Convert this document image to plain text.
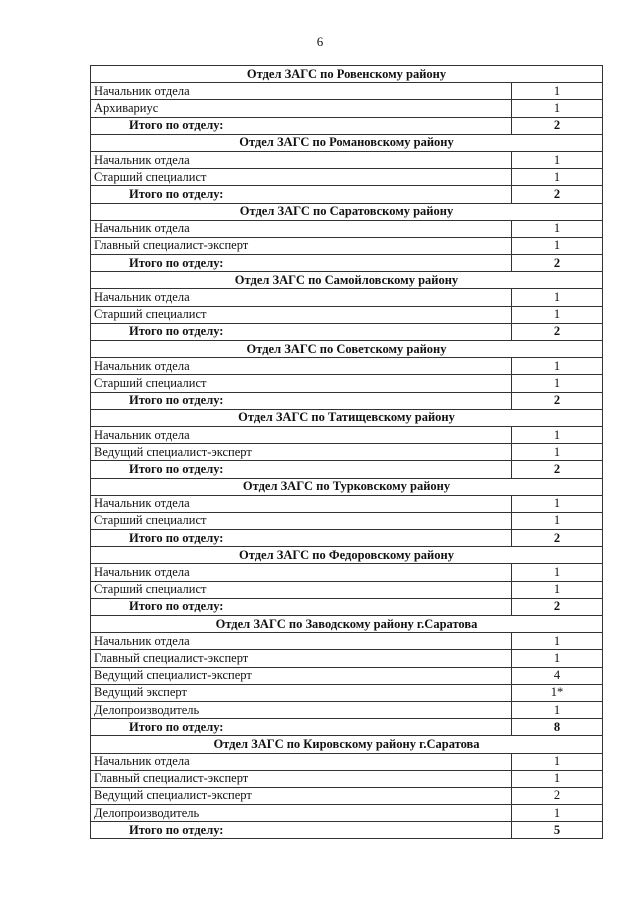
6
Отдел ЗАГС по Ровенскому району	
Начальник отдела	1
Архивариус	1
Итого по отделу:	2
Отдел ЗАГС по Романовскому району	
Начальник отдела	1
Старший специалист	1
Итого по отделу:	2
Отдел ЗАГС по Саратовскому району	
Начальник отдела	1
Главный специалист-эксперт	1
Итого по отделу:	2
Отдел ЗАГС по Самойловскому району	
Начальник отдела	1
Старший специалист	1
Итого по отделу:	2
Отдел ЗАГС по Советскому району	
Начальник отдела	1
Старший специалист	1
Итого по отделу:	2
Отдел ЗАГС по Татищевскому району	
Начальник отдела	1
Ведущий специалист-эксперт	1
Итого по отделу:	2
Отдел ЗАГС по Турковскому району	
Начальник отдела	1
Старший специалист	1
Итого по отделу:	2
Отдел ЗАГС по Федоровскому району	
Начальник отдела	1
Старший специалист	1
Итого по отделу:	2
Отдел ЗАГС по Заводскому району г.Саратова	
Начальник отдела	1
Главный специалист-эксперт	1
Ведущий специалист-эксперт	4
Ведущий эксперт	1*
Делопроизводитель	1
Итого по отделу:	8
Отдел ЗАГС по Кировскому району г.Саратова	
Начальник отдела	1
Главный специалист-эксперт	1
Ведущий специалист-эксперт	2
Делопроизводитель	1
Итого по отделу:	5
